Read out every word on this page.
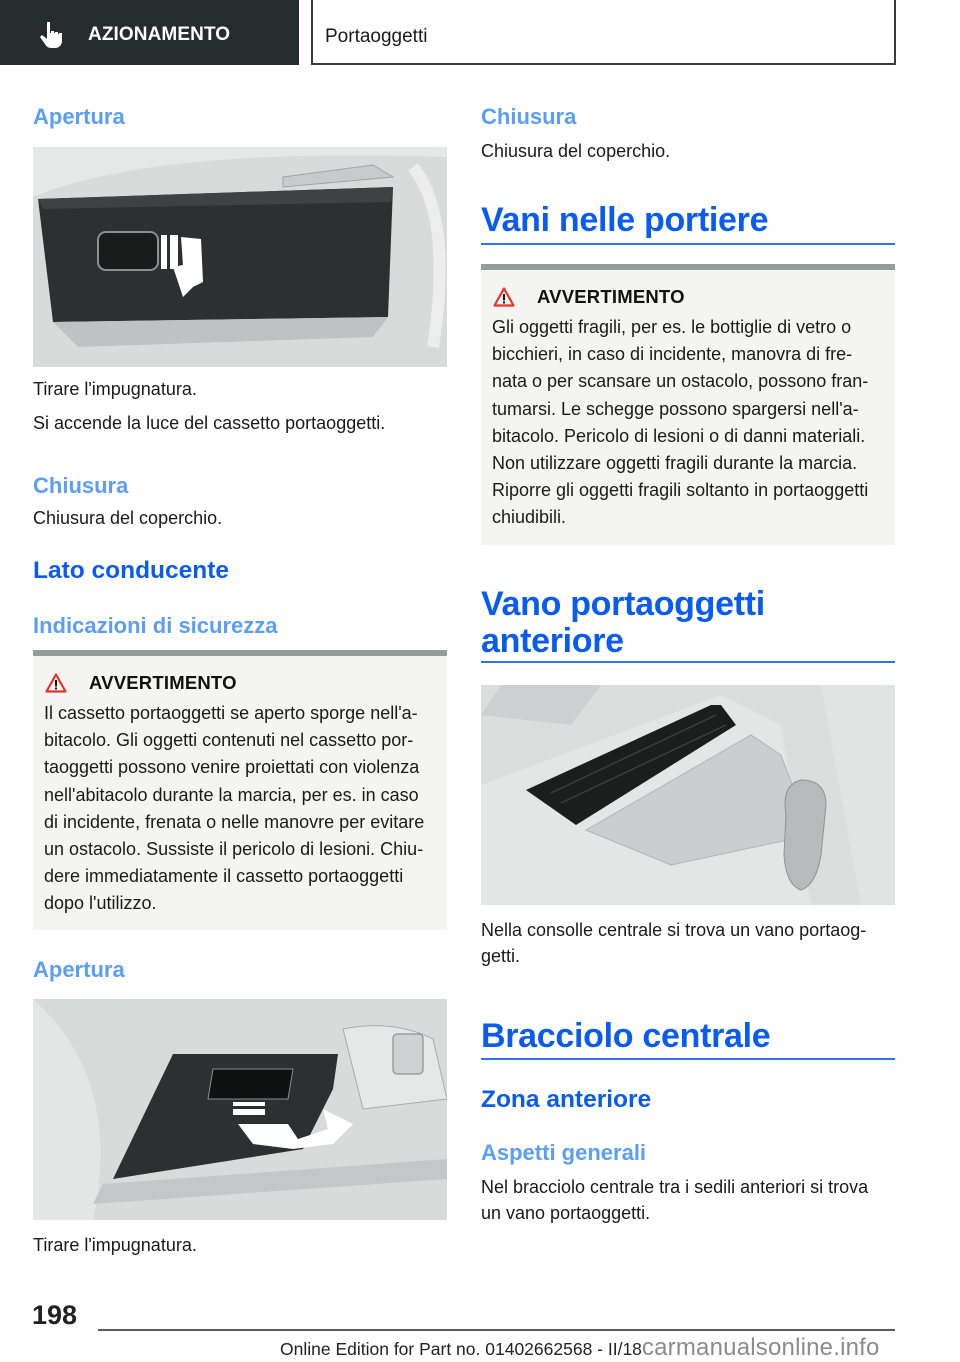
AZIONAMENTO	Portaoggetti
Apertura
Tirare l'impugnatura.
Si accende la luce del cassetto portaoggetti.
Chiusura
Chiusura del coperchio.
Lato conducente
Indicazioni di sicurezza
AVVERTIMENTO
Il cassetto portaoggetti se aperto sporge nell'a-
bitacolo. Gli oggetti contenuti nel cassetto por-
taoggetti possono venire proiettati con violenza
nell'abitacolo durante la marcia, per es. in caso
di incidente, frenata o nelle manovre per evitare
un ostacolo. Sussiste il pericolo di lesioni. Chiu-
dere immediatamente il cassetto portaoggetti
dopo l'utilizzo.
Apertura
Tirare l'impugnatura.
Chiusura
Chiusura del coperchio.
Vani nelle portiere
AVVERTIMENTO
Gli oggetti fragili, per es. le bottiglie di vetro o
bicchieri, in caso di incidente, manovra di fre-
nata o per scansare un ostacolo, possono fran-
tumarsi. Le schegge possono spargersi nell'a-
bitacolo. Pericolo di lesioni o di danni materiali.
Non utilizzare oggetti fragili durante la marcia.
Riporre gli oggetti fragili soltanto in portaoggetti
chiudibili.
Vano portaoggetti
anteriore
Nella consolle centrale si trova un vano portaog-
getti.
Bracciolo centrale
Zona anteriore
Aspetti generali
Nel bracciolo centrale tra i sedili anteriori si trova
un vano portaoggetti.
198
Online Edition for Part no. 01402662568 - II/18carmanualsonline.info
